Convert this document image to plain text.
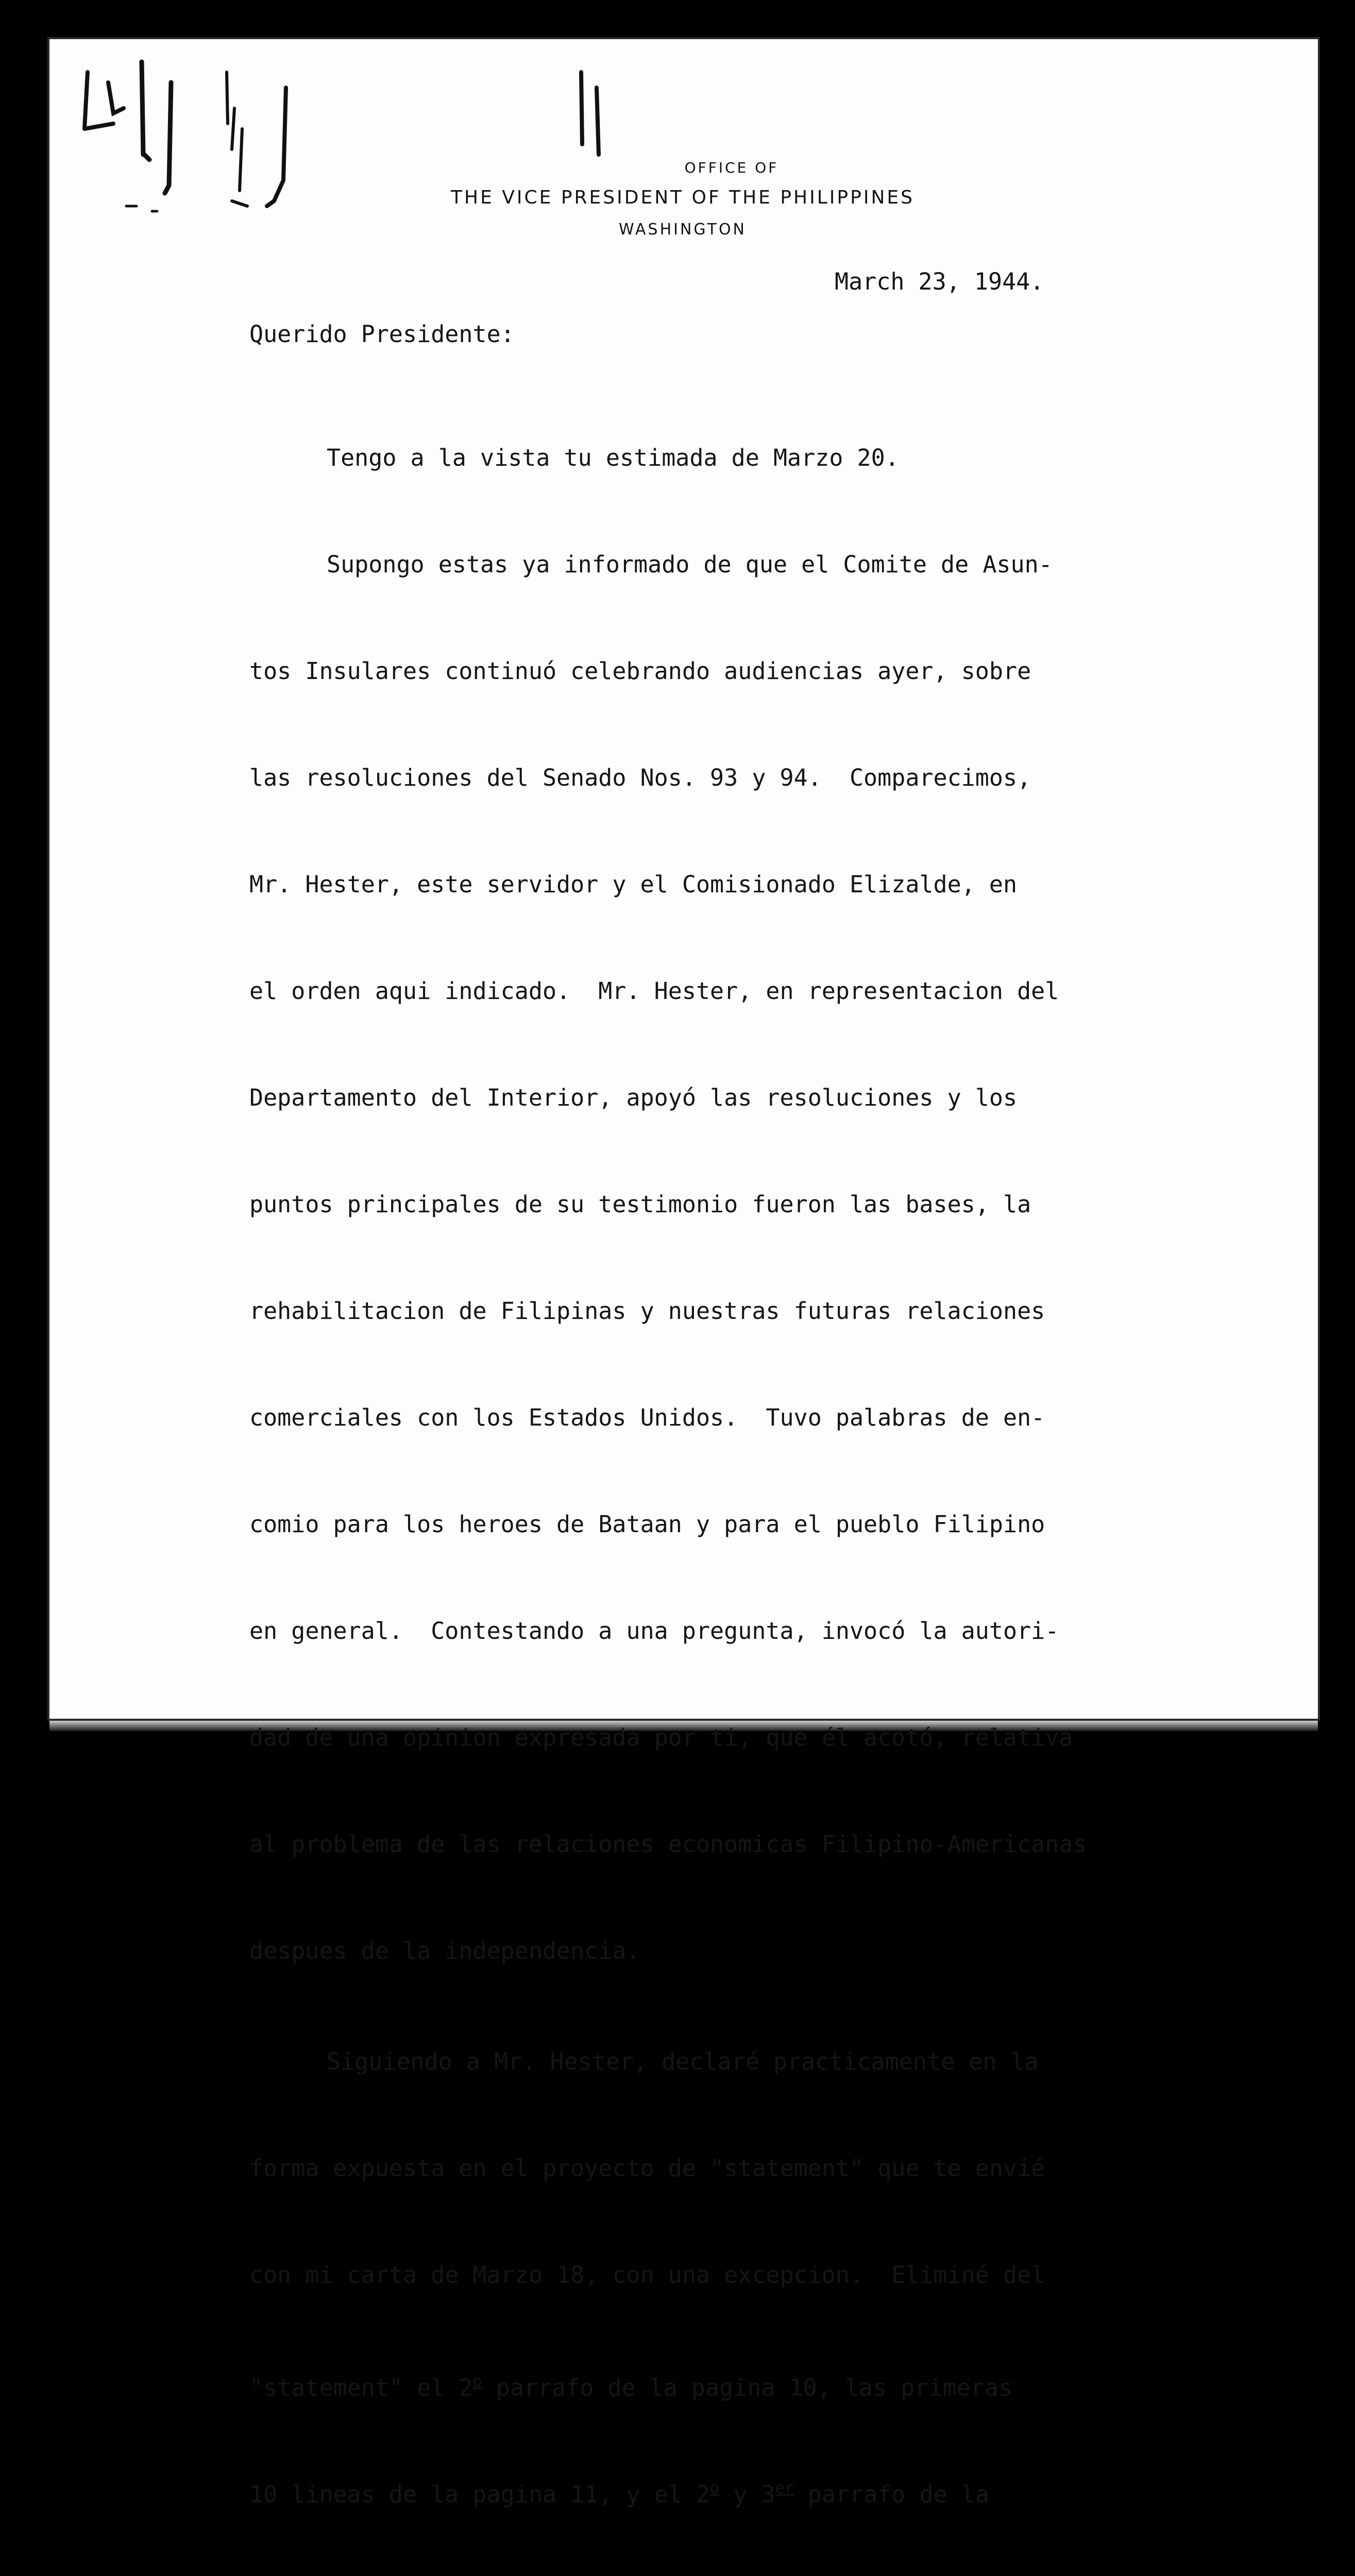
OFFICE OF
THE VICE PRESIDENT OF THE PHILIPPINES
WASHINGTON
March 23, 1944.
Querido Presidente:

Tengo a la vista tu estimada de Marzo 20.

Supongo estas ya informado de que el Comite de Asun-

tos Insulares continuó celebrando audiencias ayer, sobre

las resoluciones del Senado Nos. 93 y 94.  Comparecimos,

Mr. Hester, este servidor y el Comisionado Elizalde, en

el orden aqui indicado.  Mr. Hester, en representacion del

Departamento del Interior, apoyó las resoluciones y los

puntos principales de su testimonio fueron las bases, la

rehabilitacion de Filipinas y nuestras futuras relaciones

comerciales con los Estados Unidos.  Tuvo palabras de en-

comio para los heroes de Bataan y para el pueblo Filipino

en general.  Contestando a una pregunta, invocó la autori-

dad de una opinion expresada por ti, que él acotó, relativa

al problema de las relaciones economicas Filipino-Americanas

despues de la independencia.

Siguiendo a Mr. Hester, declaré practicamente en la

forma expuesta en el proyecto de "statement" que te envié

con mi carta de Marzo 18, con una excepcion.  Eliminé del

"statement" el 2$^o$ parrafo de la pagina 10, las primeras

10 lineas de la pagina 11, y el 2$^o$ y 3er parrafo de la
